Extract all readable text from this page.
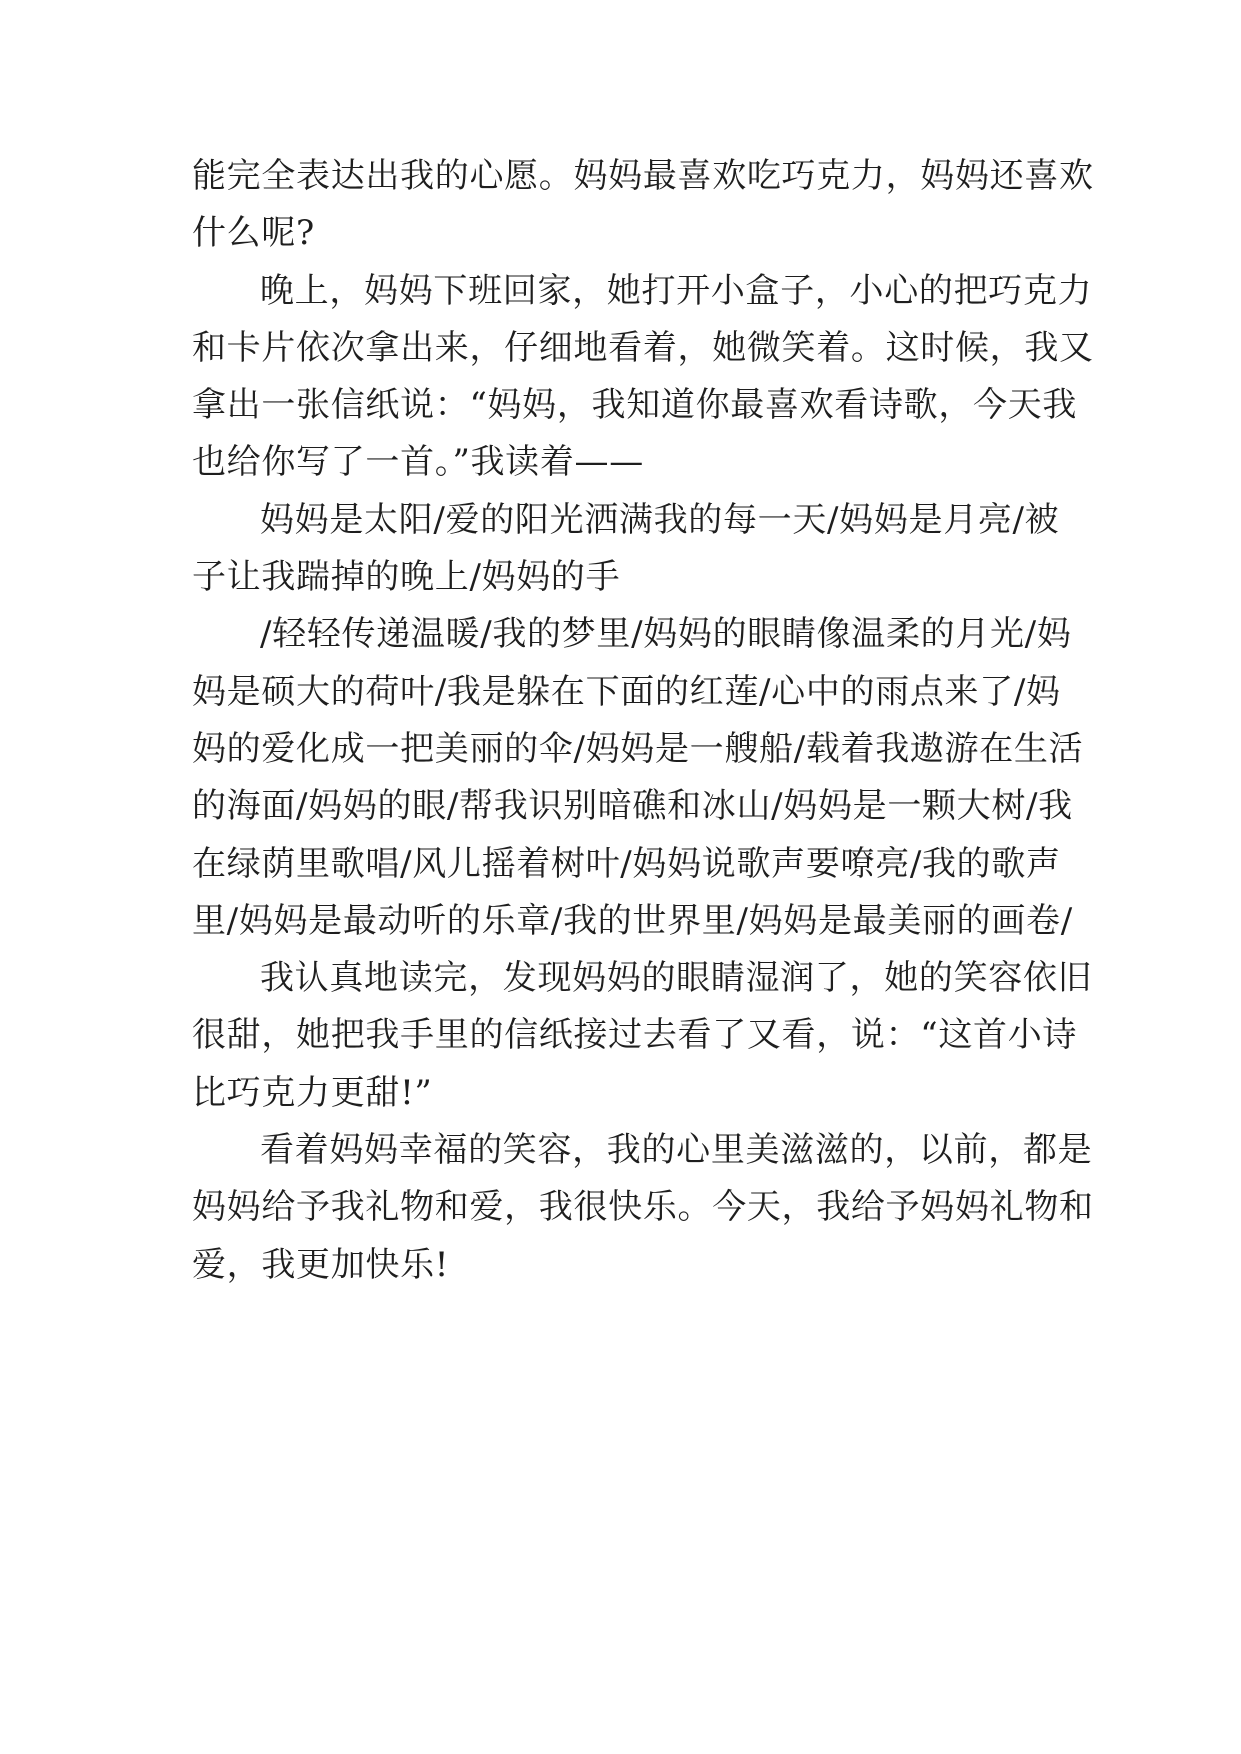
能完全表达出我的心愿。妈妈最喜欢吃巧克力，妈妈还喜欢
什么呢?
晚上，妈妈下班回家，她打开小盒子，小心的把巧克力
和卡片依次拿出来，仔细地看着，她微笑着。这时候，我又
拿出一张信纸说：“妈妈，我知道你最喜欢看诗歌，今天我
也给你写了一首。”我读着——
妈妈是太阳/爱的阳光洒满我的每一天/妈妈是月亮/被
子让我踹掉的晚上/妈妈的手
/轻轻传递温暖/我的梦里/妈妈的眼睛像温柔的月光/妈
妈是硕大的荷叶/我是躲在下面的红莲/心中的雨点来了/妈
妈的爱化成一把美丽的伞/妈妈是一艘船/载着我遨游在生活
的海面/妈妈的眼/帮我识别暗礁和冰山/妈妈是一颗大树/我
在绿荫里歌唱/风儿摇着树叶/妈妈说歌声要嘹亮/我的歌声
里/妈妈是最动听的乐章/我的世界里/妈妈是最美丽的画卷/
我认真地读完，发现妈妈的眼睛湿润了，她的笑容依旧
很甜，她把我手里的信纸接过去看了又看，说：“这首小诗
比巧克力更甜!”
看着妈妈幸福的笑容，我的心里美滋滋的，以前，都是
妈妈给予我礼物和爱，我很快乐。今天，我给予妈妈礼物和
爱，我更加快乐!
